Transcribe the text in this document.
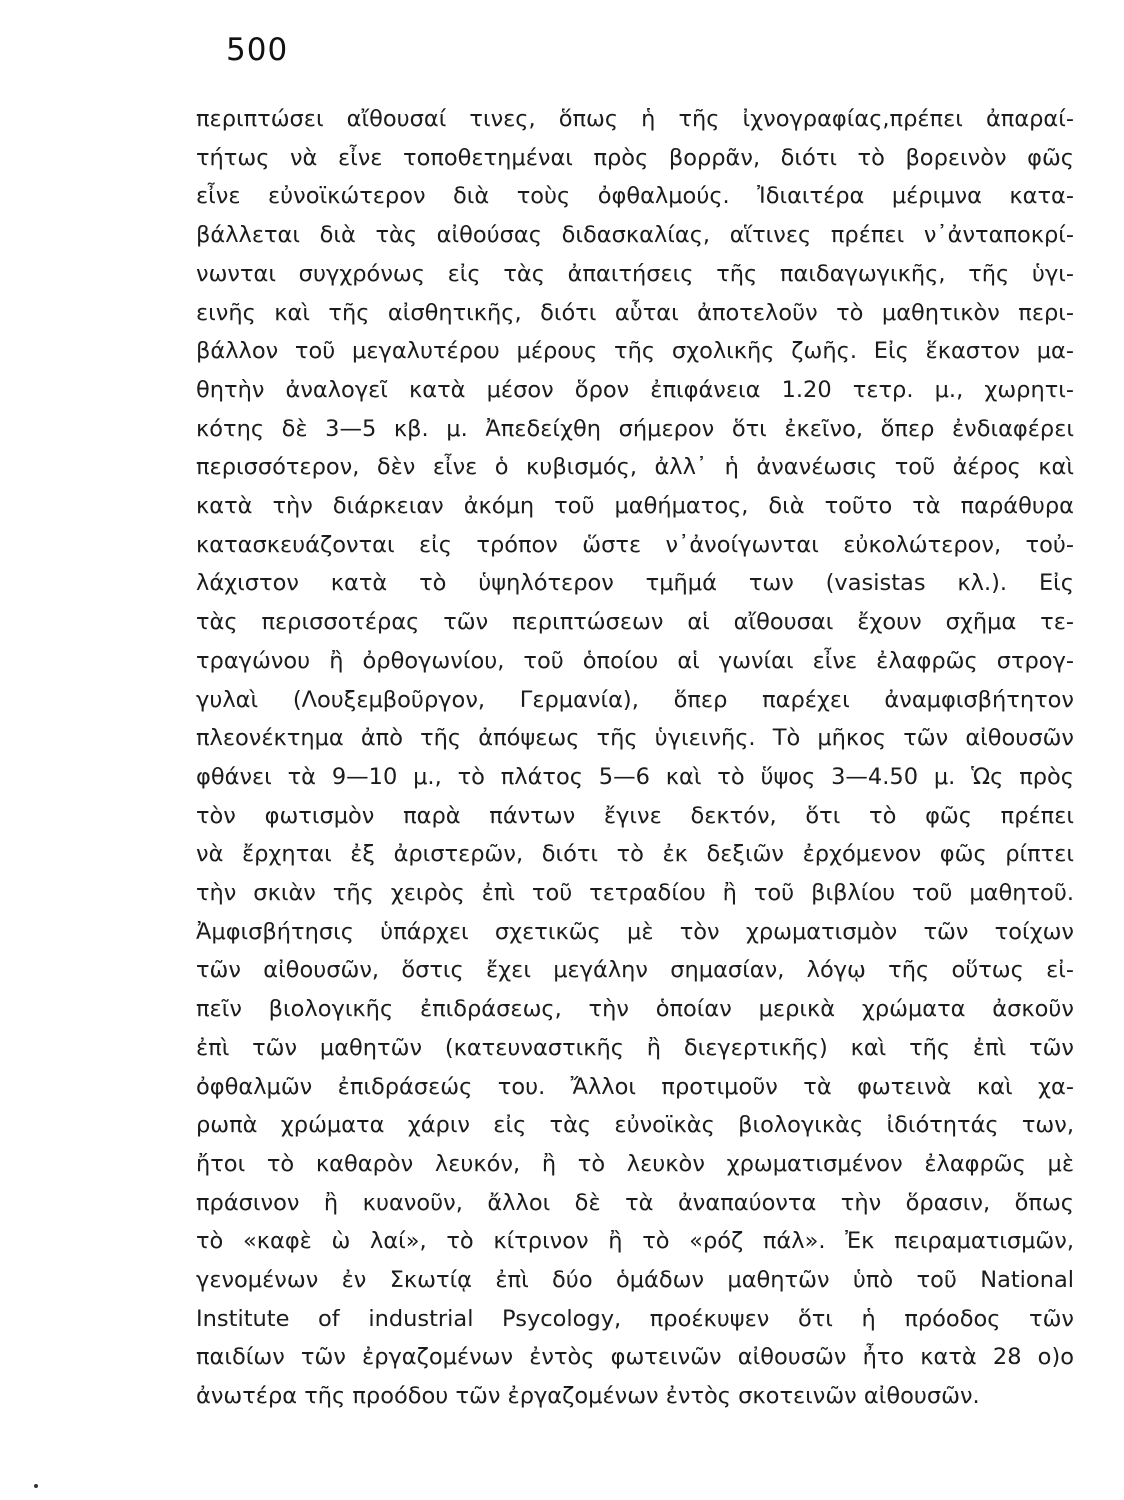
500
περιπτώσει αἴθουσαί τινες, ὅπως ἡ τῆς ἰχνογραφίας,πρέπει ἀπαραί-
τήτως νὰ εἶνε τοποθετημέναι πρὸς βορρᾶν, διότι τὸ βορεινὸν φῶς
εἶνε εὐνοϊκώτερον διὰ τοὺς ὀφθαλμούς. Ἰδιαιτέρα μέριμνα κατα-
βάλλεται διὰ τὰς αἰθούσας διδασκαλίας, αἵτινες πρέπει ν᾽ἀνταποκρί-
νωνται συγχρόνως εἰς τὰς ἀπαιτήσεις τῆς παιδαγωγικῆς, τῆς ὑγι-
εινῆς καὶ τῆς αἰσθητικῆς, διότι αὗται ἀποτελοῦν τὸ μαθητικὸν περι-
βάλλον τοῦ μεγαλυτέρου μέρους τῆς σχολικῆς ζωῆς. Εἰς ἕκαστον μα-
θητὴν ἀναλογεῖ κατὰ μέσον ὅρον ἐπιφάνεια 1.20 τετρ. μ., χωρητι-
κότης δὲ 3—5 κβ. μ. Ἀπεδείχθη σήμερον ὅτι ἐκεῖνο, ὅπερ ἐνδιαφέρει
περισσότερον, δὲν εἶνε ὁ κυβισμός, ἀλλ᾽ ἡ ἀνανέωσις τοῦ ἀέρος καὶ
κατὰ τὴν διάρκειαν ἀκόμη τοῦ μαθήματος, διὰ τοῦτο τὰ παράθυρα
κατασκευάζονται εἰς τρόπον ὥστε ν᾽ἀνοίγωνται εὐκολώτερον, τοὐ-
λάχιστον κατὰ τὸ ὑψηλότερον τμῆμά των (vasistas κλ.). Εἰς
τὰς περισσοτέρας τῶν περιπτώσεων αἱ αἴθουσαι ἔχουν σχῆμα τε-
τραγώνου ἢ ὀρθογωνίου, τοῦ ὁποίου αἱ γωνίαι εἶνε ἐλαφρῶς στρογ-
γυλαὶ (Λουξεμβοῦργον, Γερμανία), ὅπερ παρέχει ἀναμφισβήτητον
πλεονέκτημα ἀπὸ τῆς ἀπόψεως τῆς ὑγιεινῆς. Τὸ μῆκος τῶν αἰθουσῶν
φθάνει τὰ 9—10 μ., τὸ πλάτος 5—6 καὶ τὸ ὕψος 3—4.50 μ. Ὡς πρὸς
τὸν φωτισμὸν παρὰ πάντων ἔγινε δεκτόν, ὅτι τὸ φῶς πρέπει
νὰ ἔρχηται ἐξ ἀριστερῶν, διότι τὸ ἐκ δεξιῶν ἐρχόμενον φῶς ρίπτει
τὴν σκιὰν τῆς χειρὸς ἐπὶ τοῦ τετραδίου ἢ τοῦ βιβλίου τοῦ μαθητοῦ.
Ἀμφισβήτησις ὑπάρχει σχετικῶς μὲ τὸν χρωματισμὸν τῶν τοίχων
τῶν αἰθουσῶν, ὅστις ἔχει μεγάλην σημασίαν, λόγῳ τῆς οὕτως εἰ-
πεῖν βιολογικῆς ἐπιδράσεως, τὴν ὁποίαν μερικὰ χρώματα ἀσκοῦν
ἐπὶ τῶν μαθητῶν (κατευναστικῆς ἢ διεγερτικῆς) καὶ τῆς ἐπὶ τῶν
ὀφθαλμῶν ἐπιδράσεώς του. Ἄλλοι προτιμοῦν τὰ φωτεινὰ καὶ χα-
ρωπὰ χρώματα χάριν εἰς τὰς εὐνοϊκὰς βιολογικὰς ἰδιότητάς των,
ἤτοι τὸ καθαρὸν λευκόν, ἢ τὸ λευκὸν χρωματισμένον ἐλαφρῶς μὲ
πράσινον ἢ κυανοῦν, ἄλλοι δὲ τὰ ἀναπαύοντα τὴν ὅρασιν, ὅπως
τὸ «καφὲ ὼ λαί», τὸ κίτρινον ἢ τὸ «ρόζ πάλ». Ἐκ πειραματισμῶν,
γενομένων ἐν Σκωτίᾳ ἐπὶ δύο ὁμάδων μαθητῶν ὑπὸ τοῦ National
Institute of industrial Psycology, προέκυψεν ὅτι ἡ πρόοδος τῶν
παιδίων τῶν ἐργαζομένων ἐντὸς φωτεινῶν αἰθουσῶν ἦτο κατὰ 28 ο)ο
ἀνωτέρα τῆς προόδου τῶν ἐργαζομένων ἐντὸς σκοτεινῶν αἰθουσῶν.
